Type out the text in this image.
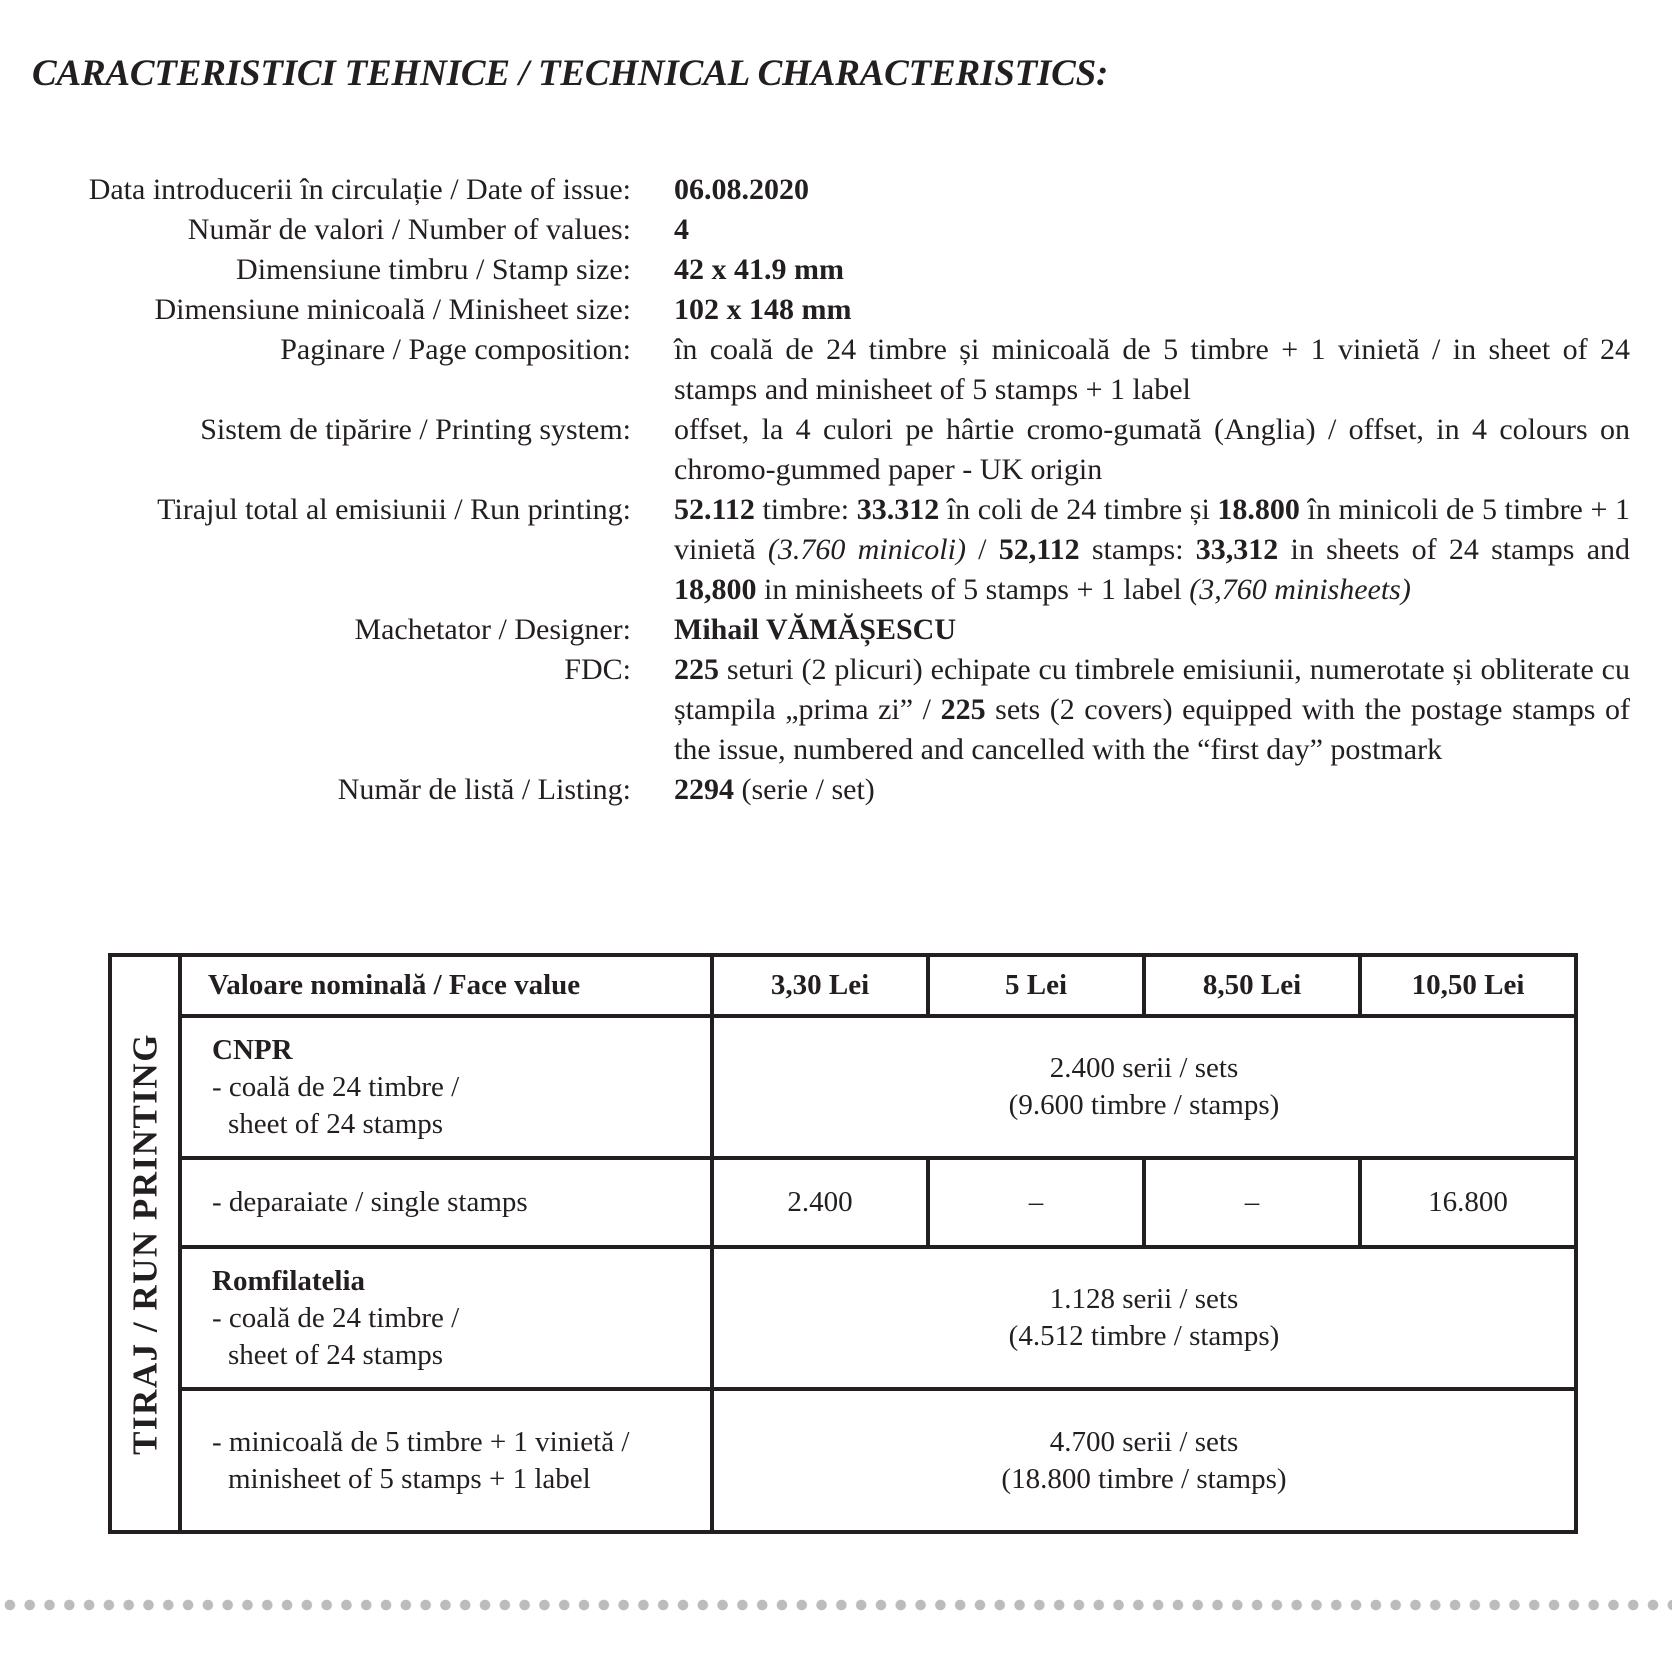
CARACTERISTICI TEHNICE / TECHNICAL CHARACTERISTICS:
Data introducerii în circulație / Date of issue: 06.08.2020
Număr de valori / Number of values: 4
Dimensiune timbru / Stamp size: 42 x 41.9 mm
Dimensiune minicoală / Minisheet size: 102 x 148 mm
Paginare / Page composition: în coală de 24 timbre și minicoală de 5 timbre + 1 vinietă / in sheet of 24 stamps and minisheet of 5 stamps + 1 label
Sistem de tipărire / Printing system: offset, la 4 culori pe hârtie cromo-gumată (Anglia) / offset, in 4 colours on chromo-gummed paper - UK origin
Tirajul total al emisiunii / Run printing: 52.112 timbre: 33.312 în coli de 24 timbre și 18.800 în minicoli de 5 timbre + 1 vinietă (3.760 minicoli) / 52,112 stamps: 33,312 in sheets of 24 stamps and 18,800 in minisheets of 5 stamps + 1 label (3,760 minisheets)
Machetator / Designer: Mihail VĂMĂȘESCU
FDC: 225 seturi (2 plicuri) echipate cu timbrele emisiunii, numerotate și obliterate cu ștampila „prima zi” / 225 sets (2 covers) equipped with the postage stamps of the issue, numbered and cancelled with the “first day” postmark
Număr de listă / Listing: 2294 (serie / set)
TIRAJ / RUN PRINTING	Valoare nominală / Face value	3,30 Lei	5 Lei	8,50 Lei	10,50 Lei

	CNPR
- coală de 24 timbre /
sheet of 24 stamps	2.400 serii / sets
(9.600 timbre / stamps)			

	- deparaiate / single stamps	2.400	–	–	16.800

	Romfilatelia
- coală de 24 timbre /
sheet of 24 stamps	1.128 serii / sets
(4.512 timbre / stamps)			

	- minicoală de 5 timbre + 1 vinietă /
minisheet of 5 stamps + 1 label	4.700 serii / sets
(18.800 timbre / stamps)			
